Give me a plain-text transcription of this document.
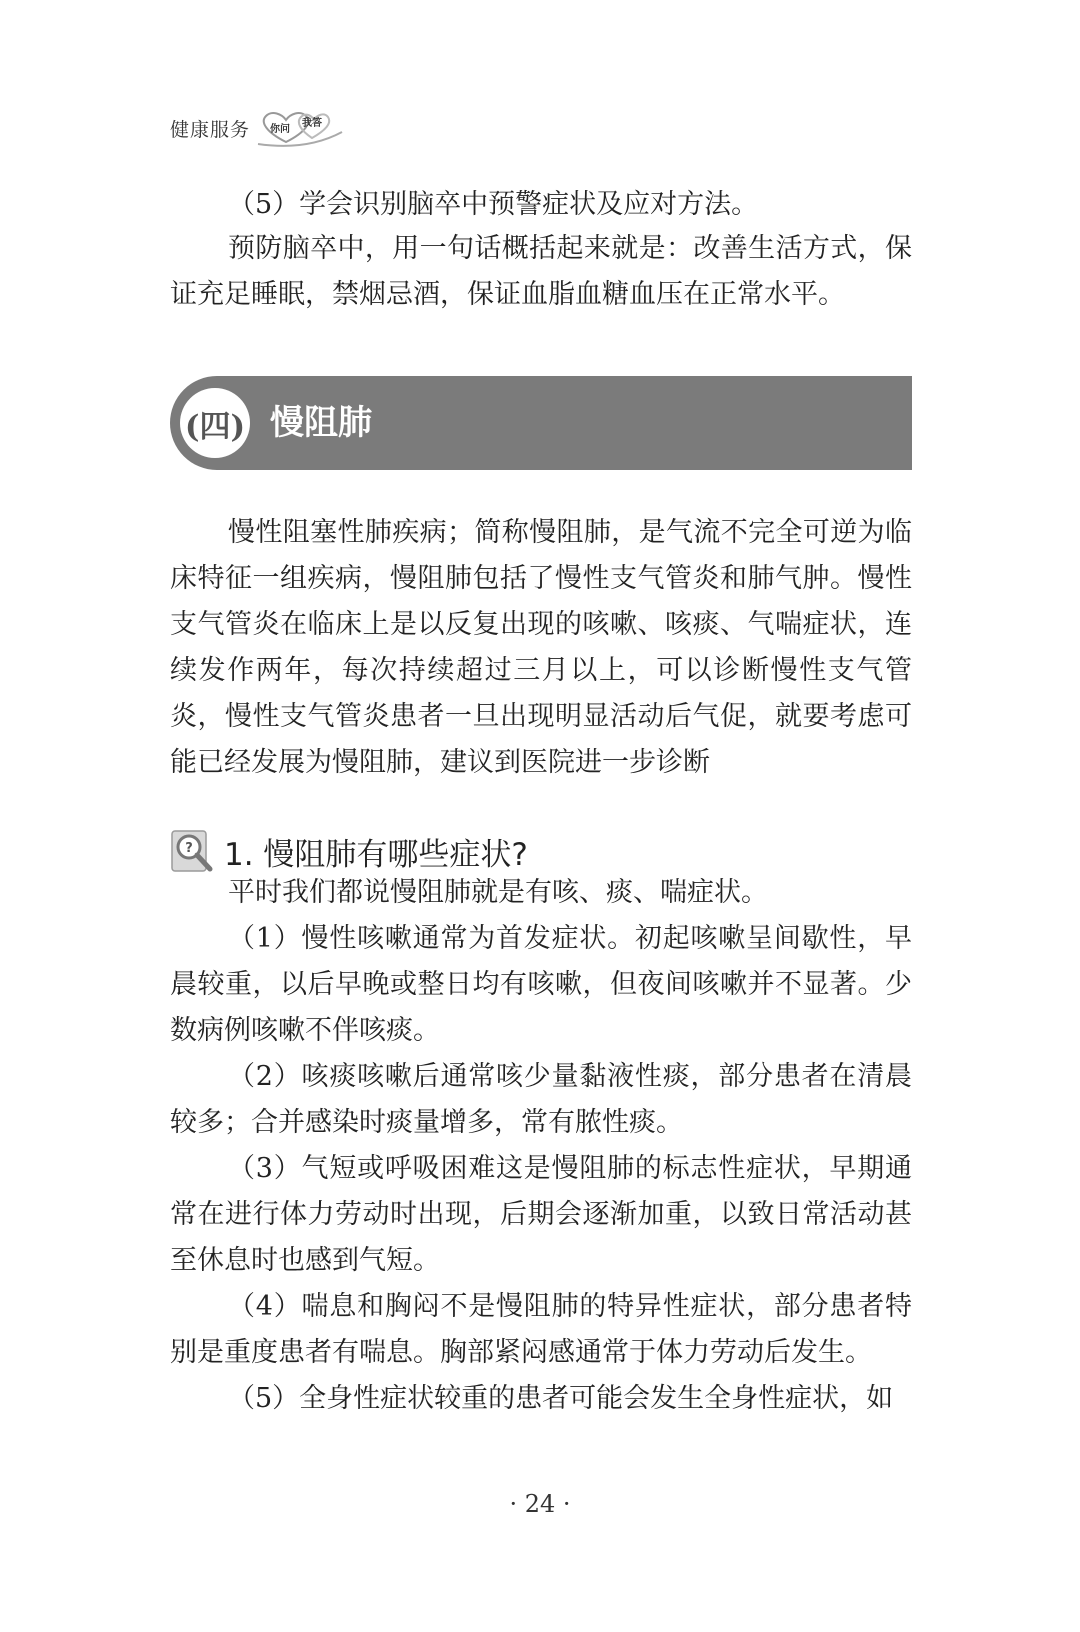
健康服务 你问
我答

（5）学会识别脑卒中预警症状及应对方法。

预防脑卒中，用一句话概括起来就是：改善生活方式，保证充足睡眠，禁烟忌酒，保证血脂血糖血压在正常水平。

(四) 慢阻肺

慢性阻塞性肺疾病；简称慢阻肺，是气流不完全可逆为临床特征一组疾病，慢阻肺包括了慢性支气管炎和肺气肿。慢性支气管炎在临床上是以反复出现的咳嗽、咳痰、气喘症状，连续发作两年，每次持续超过三月以上，可以诊断慢性支气管炎，慢性支气管炎患者一旦出现明显活动后气促，就要考虑可能已经发展为慢阻肺，建议到医院进一步诊断

? 1. 慢阻肺有哪些症状?

平时我们都说慢阻肺就是有咳、痰、喘症状。

（1）慢性咳嗽通常为首发症状。初起咳嗽呈间歇性，早晨较重，以后早晚或整日均有咳嗽，但夜间咳嗽并不显著。少数病例咳嗽不伴咳痰。

（2）咳痰咳嗽后通常咳少量黏液性痰，部分患者在清晨较多；合并感染时痰量增多，常有脓性痰。

（3）气短或呼吸困难这是慢阻肺的标志性症状，早期通常在进行体力劳动时出现，后期会逐渐加重，以致日常活动甚至休息时也感到气短。

（4）喘息和胸闷不是慢阻肺的特异性症状，部分患者特别是重度患者有喘息。胸部紧闷感通常于体力劳动后发生。

（5）全身性症状较重的患者可能会发生全身性症状，如

· 24 ·
